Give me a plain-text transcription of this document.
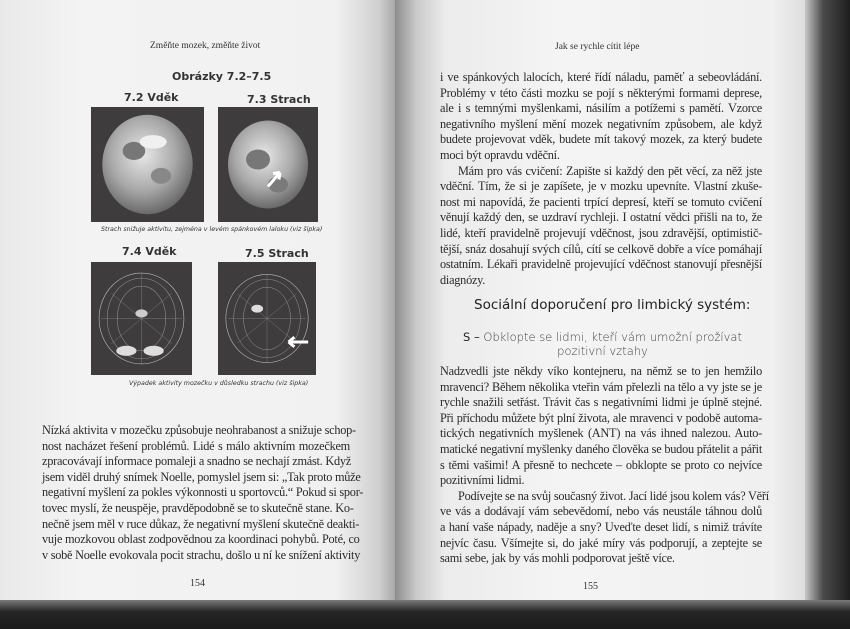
Změňte mozek, změňte život
Obrázky 7.2–7.5
7.2 Vděk	7.3 Strach
Strach snižuje aktivitu, zejména v levém spánkovém laloku (viz šipka)
7.4 Vděk	7.5 Strach
Výpadek aktivity mozečku v důsledku strachu (viz šipka)
Nízká aktivita v mozečku způsobuje neohrabanost a snižuje schop-
nost nacházet řešení problémů. Lidé s málo aktivním mozečkem
zpracovávají informace pomaleji a snadno se nechají zmást. Když
jsem viděl druhý snímek Noelle, pomyslel jsem si: „Tak proto může
negativní myšlení za pokles výkonnosti u sportovců.“ Pokud si spor-
tovec myslí, že neuspěje, pravděpodobně se to skutečně stane. Ko-
nečně jsem měl v ruce důkaz, že negativní myšlení skutečně deakti-
vuje mozkovou oblast zodpovědnou za koordinaci pohybů. Poté, co
v sobě Noelle evokovala pocit strachu, došlo u ní ke snížení aktivity
154
Jak se rychle cítit lépe
i ve spánkových lalocích, které řídí náladu, paměť a sebeovládání.
Problémy v této části mozku se pojí s některými formami deprese,
ale i s temnými myšlenkami, násilím a potížemi s pamětí. Vzorce
negativního myšlení mění mozek negativním způsobem, ale když
budete projevovat vděk, budete mít takový mozek, za který budete
moci být opravdu vděční.
Mám pro vás cvičení: Zapište si každý den pět věcí, za něž jste
vděční. Tím, že si je zapíšete, je v mozku upevníte. Vlastní zkuše-
nost mi napovídá, že pacienti trpící depresí, kteří se tomuto cvičení
věnují každý den, se uzdraví rychleji. I ostatní vědci přišli na to, že
lidé, kteří pravidelně projevují vděčnost, jsou zdravější, optimistič-
tější, snáz dosahují svých cílů, cítí se celkově dobře a více pomáhají
ostatním. Lékaři pravidelně projevující vděčnost stanovují přesnější
diagnózy.
Sociální doporučení pro limbický systém:
S – Obklopte se lidmi, kteří vám umožní prožívat
pozitivní vztahy
Nadzvedli jste někdy víko kontejneru, na němž se to jen hemžilo
mravenci? Během několika vteřin vám přelezli na tělo a vy jste se je
rychle snažili setřást. Trávit čas s negativními lidmi je úplně stejné.
Při příchodu můžete být plní života, ale mravenci v podobě automa-
tických negativních myšlenek (ANT) na vás ihned nalezou. Auto-
matické negativní myšlenky daného člověka se budou přátelit a pářit
s těmi vašimi! A přesně to nechcete – obklopte se proto co nejvíce
pozitivními lidmi.
Podívejte se na svůj současný život. Jací lidé jsou kolem vás? Věří
ve vás a dodávají vám sebevědomí, nebo vás neustále táhnou dolů
a haní vaše nápady, naděje a sny? Uveďte deset lidí, s nimiž trávíte
nejvíc času. Všímejte si, do jaké míry vás podporují, a zeptejte se
sami sebe, jak by vás mohli podporovat ještě více.
155
